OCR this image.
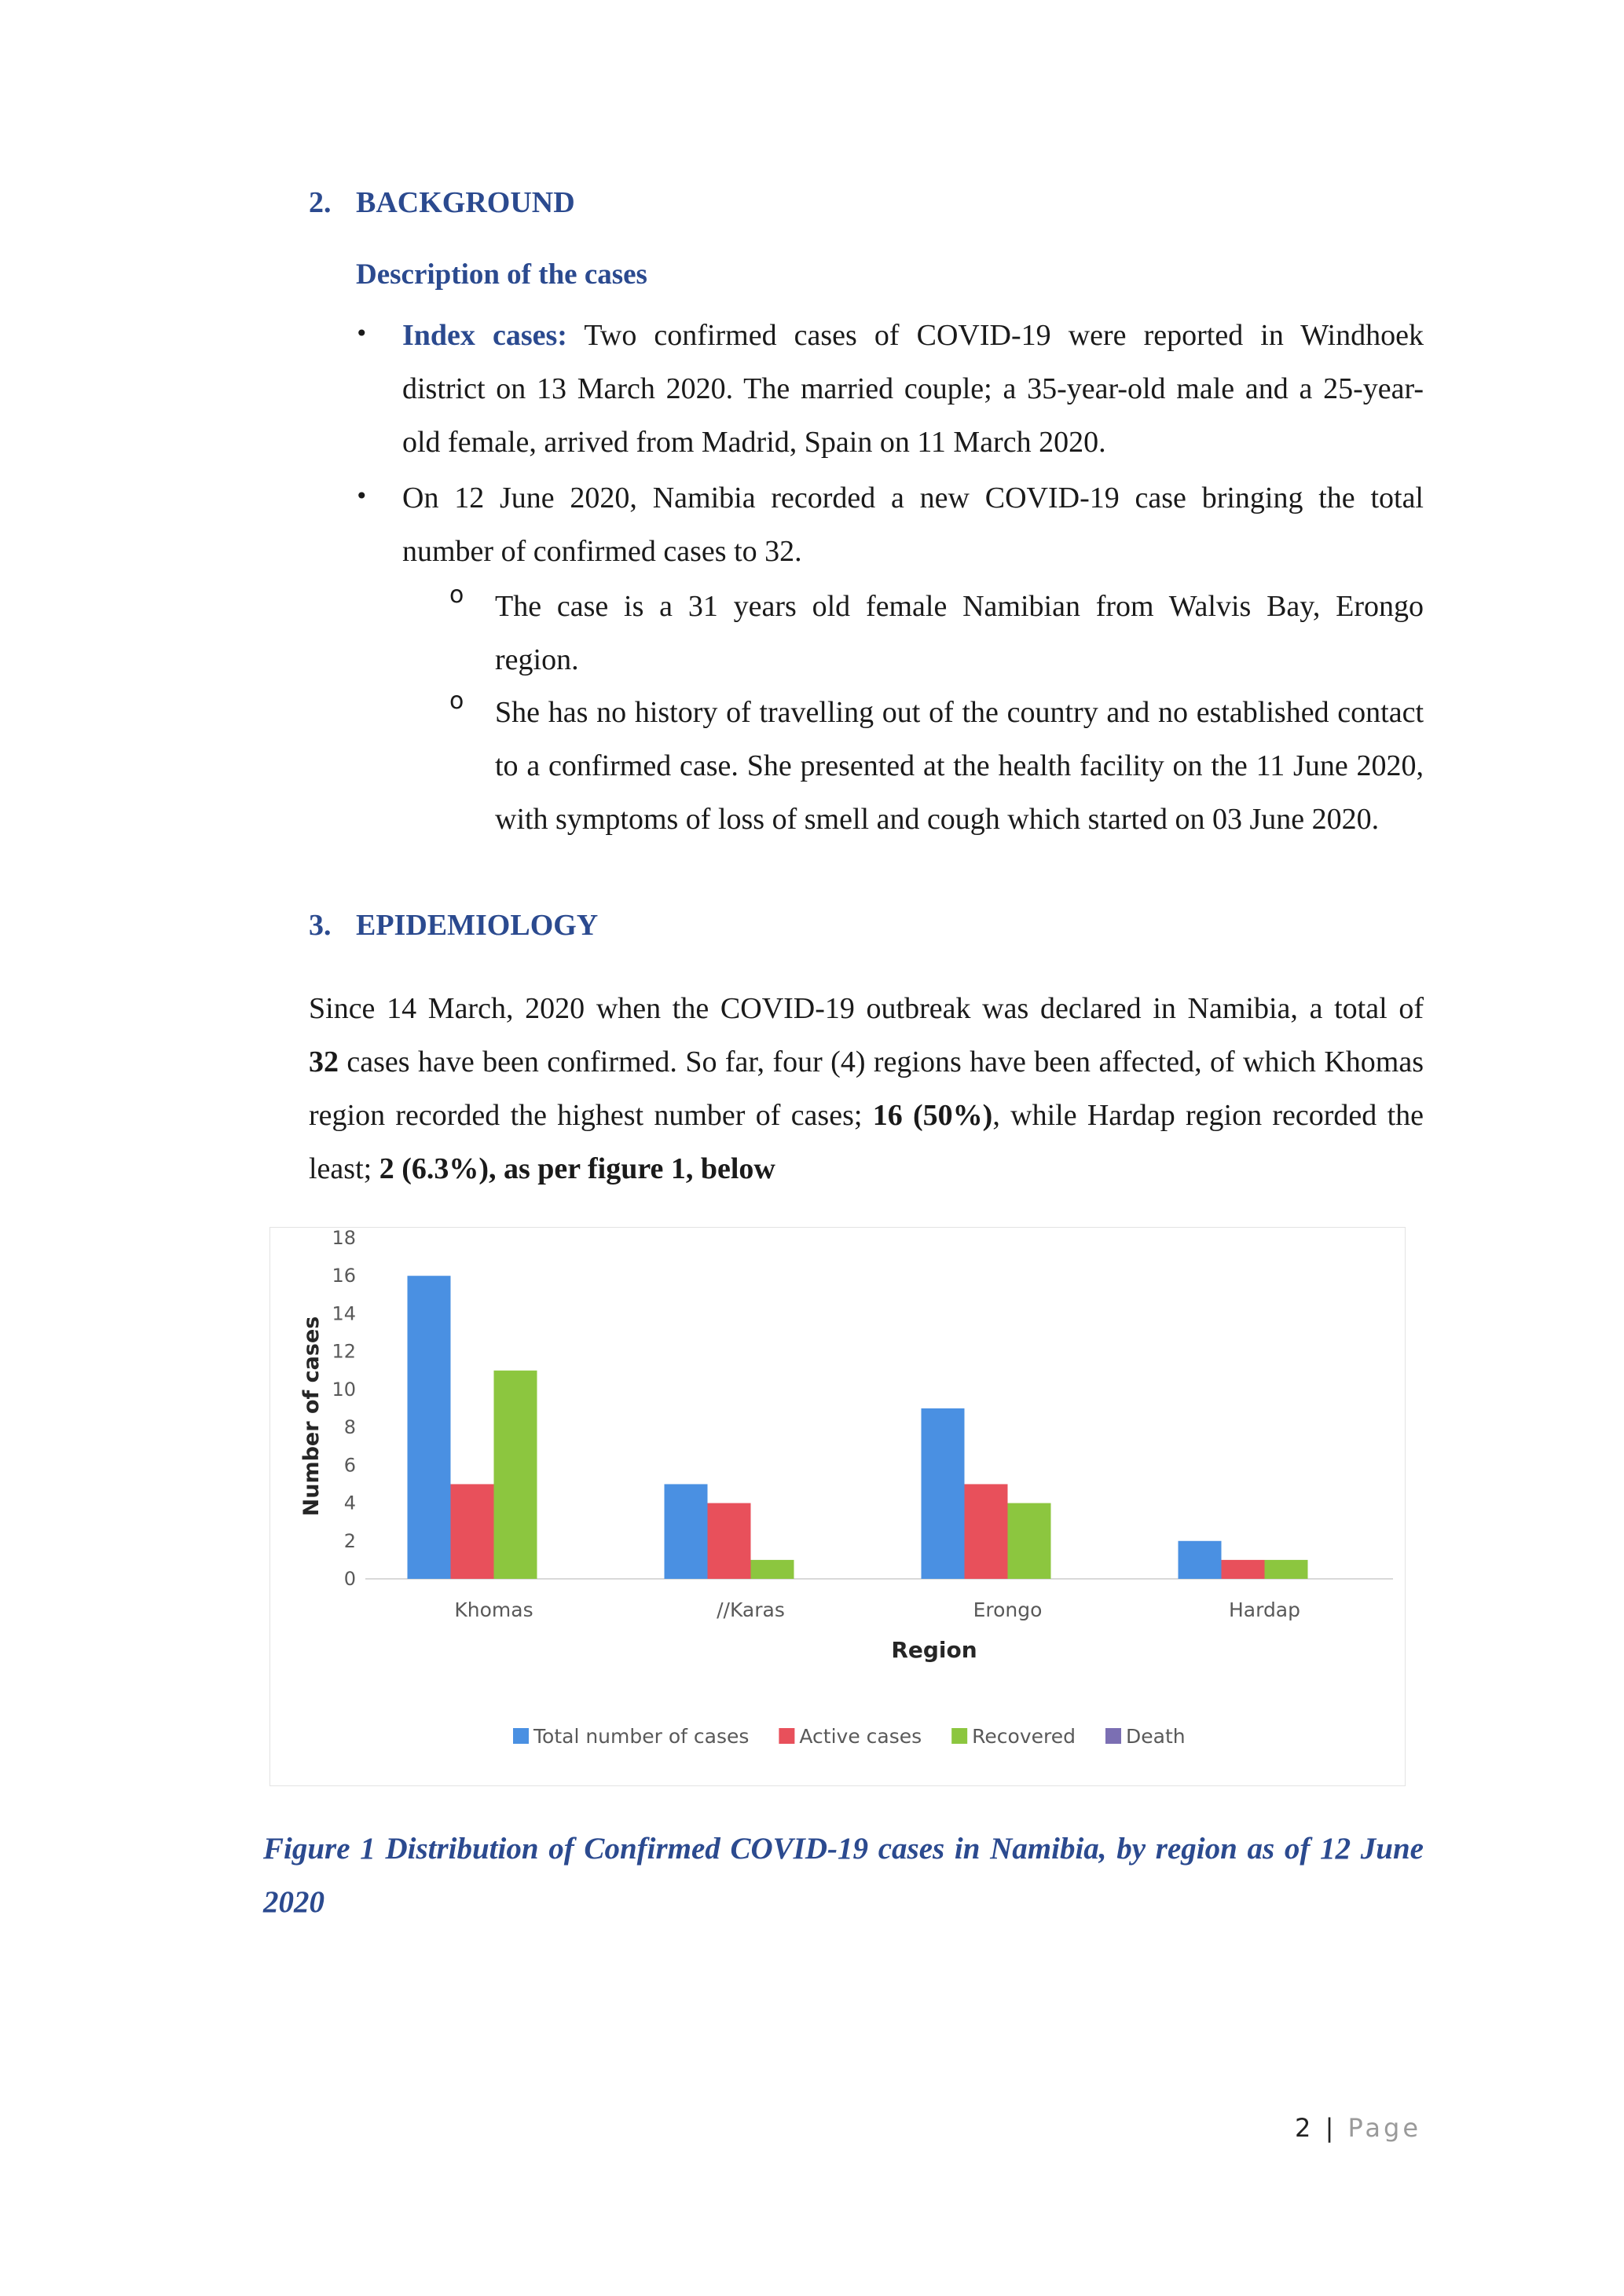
2. BACKGROUND
Description of the cases
• Index cases: Two confirmed cases of COVID-19 were reported in Windhoek
district on 13 March 2020. The married couple; a 35-year-old male and a 25-year-
old female, arrived from Madrid, Spain on 11 March 2020.
• On 12 June 2020, Namibia recorded a new COVID-19 case bringing the total
number of confirmed cases to 32.
o The case is a 31 years old female Namibian from Walvis Bay, Erongo
region.
o She has no history of travelling out of the country and no established contact
to a confirmed case. She presented at the health facility on the 11 June 2020,
with symptoms of loss of smell and cough which started on 03 June 2020.
3. EPIDEMIOLOGY
Since 14 March, 2020 when the COVID-19 outbreak was declared in Namibia, a total of
32 cases have been confirmed. So far, four (4) regions have been affected, of which Khomas
region recorded the highest number of cases; 16 (50%), while Hardap region recorded the
least; 2 (6.3%), as per figure 1, below
0
2
4
6
8
10
12
14
16
18
Khomas	//Karas	Erongo	Hardap
Region
Number of cases
Total number of cases	Active cases	Recovered	Death
Figure 1 Distribution of Confirmed COVID-19 cases in Namibia, by region as of 12 June
2020
2 | Page
